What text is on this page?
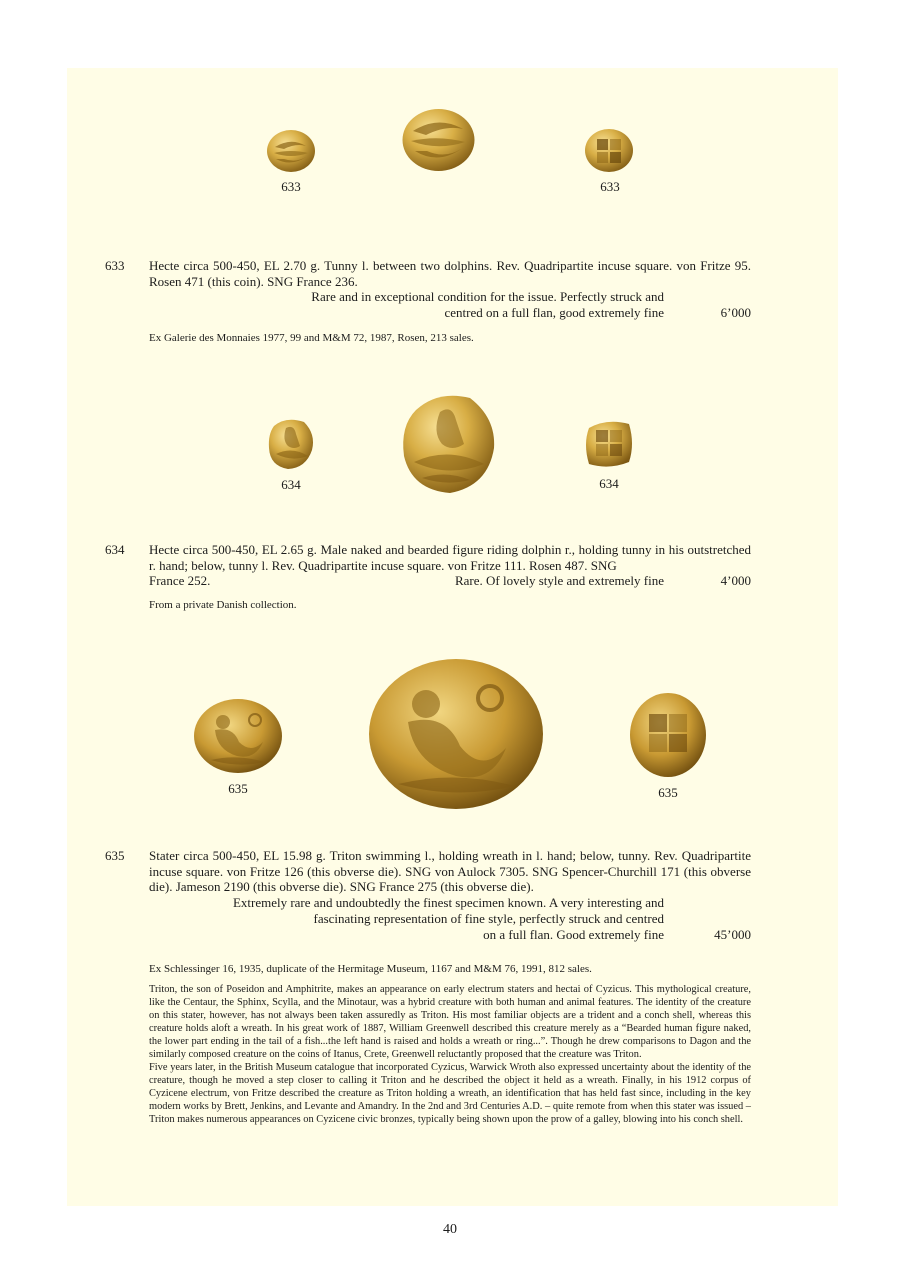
633	633
633 Hecte circa 500-450, EL 2.70 g. Tunny l. between two dolphins. Rev. Quadripartite incuse square. von Fritze 95. Rosen 471 (this coin). SNG France 236.
Rare and in exceptional condition for the issue. Perfectly struck and
centred on a full flan, good extremely fine	6’000
Ex Galerie des Monnaies 1977, 99 and M&M 72, 1987, Rosen, 213 sales.
634	634
634 Hecte circa 500-450, EL 2.65 g. Male naked and bearded figure riding dolphin r., holding tunny in his outstretched r. hand; below, tunny l. Rev. Quadripartite incuse square. von Fritze 111. Rosen 487. SNG
France 252.	Rare. Of lovely style and extremely fine	4’000
From a private Danish collection.
635	635
635 Stater circa 500-450, EL 15.98 g. Triton swimming l., holding wreath in l. hand; below, tunny. Rev. Quadripartite incuse square. von Fritze 126 (this obverse die). SNG von Aulock 7305. SNG Spencer-Churchill 171 (this obverse die). Jameson 2190 (this obverse die). SNG France 275 (this obverse die).
Extremely rare and undoubtedly the finest specimen known. A very interesting and
fascinating representation of fine style, perfectly struck and centred
on a full flan. Good extremely fine	45’000
Ex Schlessinger 16, 1935, duplicate of the Hermitage Museum, 1167 and M&M 76, 1991, 812 sales.

Triton, the son of Poseidon and Amphitrite, makes an appearance on early electrum staters and hectai of Cyzicus. This mythological creature, like the Centaur, the Sphinx, Scylla, and the Minotaur, was a hybrid creature with both human and animal features. The identity of the creature on this stater, however, has not always been taken assuredly as Triton. His most familiar objects are a trident and a conch shell, whereas this creature holds aloft a wreath. In his great work of 1887, William Greenwell described this creature merely as a “Bearded human figure naked, the lower part ending in the tail of a fish...the left hand is raised and holds a wreath or ring...”. Though he drew comparisons to Dagon and the similarly composed creature on the coins of Itanus, Crete, Greenwell reluctantly proposed that the creature was Triton.

Five years later, in the British Museum catalogue that incorporated Cyzicus, Warwick Wroth also expressed uncertainty about the identity of the creature, though he moved a step closer to calling it Triton and he described the object it held as a wreath. Finally, in his 1912 corpus of Cyzicene electrum, von Fritze described the creature as Triton holding a wreath, an identification that has held fast since, including in the key modern works by Brett, Jenkins, and Levante and Amandry. In the 2nd and 3rd Centuries A.D. – quite remote from when this stater was issued – Triton makes numerous appearances on Cyzicene civic bronzes, typically being shown upon the prow of a galley, blowing into his conch shell.

40
